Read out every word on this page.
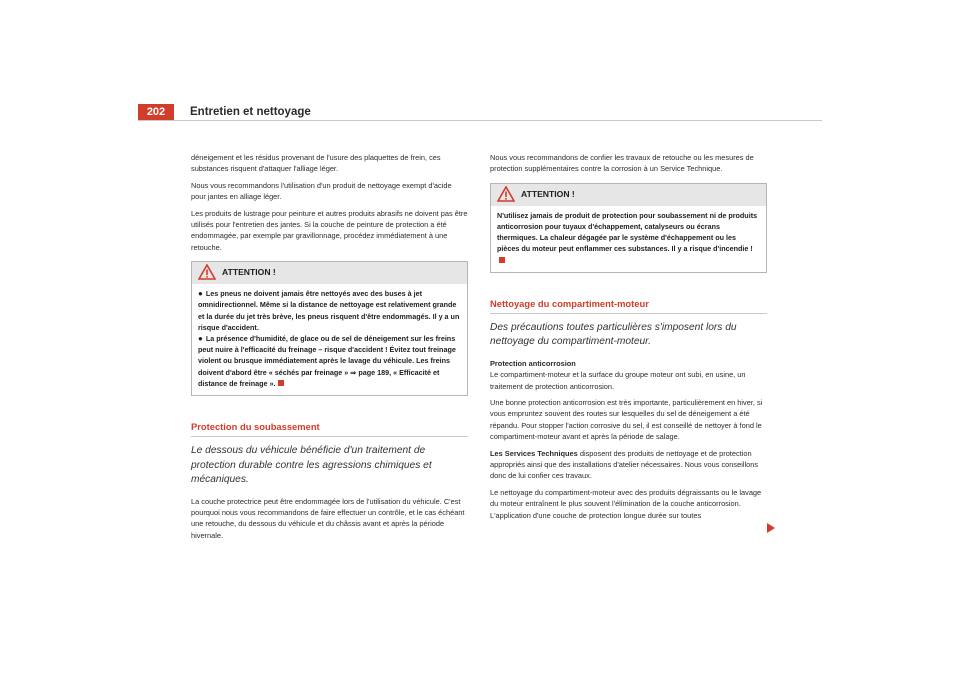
202	Entretien et nettoyage

déneigement et les résidus provenant de l'usure des plaquettes de frein, ces substances risquent d'attaquer l'alliage léger.

Nous vous recommandons l'utilisation d'un produit de nettoyage exempt d'acide pour jantes en alliage léger.

Les produits de lustrage pour peinture et autres produits abrasifs ne doivent pas être utilisés pour l'entretien des jantes. Si la couche de peinture de protection a été endommagée, par exemple par gravillonnage, procédez immédiatement à une retouche.

ATTENTION !
● Les pneus ne doivent jamais être nettoyés avec des buses à jet omnidirectionnel. Même si la distance de nettoyage est relativement grande et la durée du jet très brève, les pneus risquent d'être endommagés. Il y a un risque d'accident.
● La présence d'humidité, de glace ou de sel de déneigement sur les freins peut nuire à l'efficacité du freinage – risque d'accident ! Évitez tout freinage violent ou brusque immédiatement après le lavage du véhicule. Les freins doivent d'abord être « séchés par freinage » ⇒ page 189, « Efficacité et distance de freinage ».
Protection du soubassement
Le dessous du véhicule bénéficie d'un traitement de protection durable contre les agressions chimiques et mécaniques.

La couche protectrice peut être endommagée lors de l'utilisation du véhicule. C'est pourquoi nous vous recommandons de faire effectuer un contrôle, et le cas échéant une retouche, du dessous du véhicule et du châssis avant et après la période hivernale.

Nous vous recommandons de confier les travaux de retouche ou les mesures de protection supplémentaires contre la corrosion à un Service Technique.

ATTENTION !
N'utilisez jamais de produit de protection pour soubassement ni de produits anticorrosion pour tuyaux d'échappement, catalyseurs ou écrans thermiques. La chaleur dégagée par le système d'échappement ou les pièces du moteur peut enflammer ces substances. Il y a risque d'incendie !
Nettoyage du compartiment-moteur
Des précautions toutes particulières s'imposent lors du nettoyage du compartiment-moteur.
Protection anticorrosion

Le compartiment-moteur et la surface du groupe moteur ont subi, en usine, un traitement de protection anticorrosion.

Une bonne protection anticorrosion est très importante, particulièrement en hiver, si vous empruntez souvent des routes sur lesquelles du sel de déneigement a été répandu. Pour stopper l'action corrosive du sel, il est conseillé de nettoyer à fond le compartiment-moteur avant et après la période de salage.

Les Services Techniques disposent des produits de nettoyage et de protection appropriés ainsi que des installations d'atelier nécessaires. Nous vous conseillons donc de lui confier ces travaux.

Le nettoyage du compartiment-moteur avec des produits dégraissants ou le lavage du moteur entraînent le plus souvent l'élimination de la couche anticorrosion. L'application d'une couche de protection longue durée sur toutes
